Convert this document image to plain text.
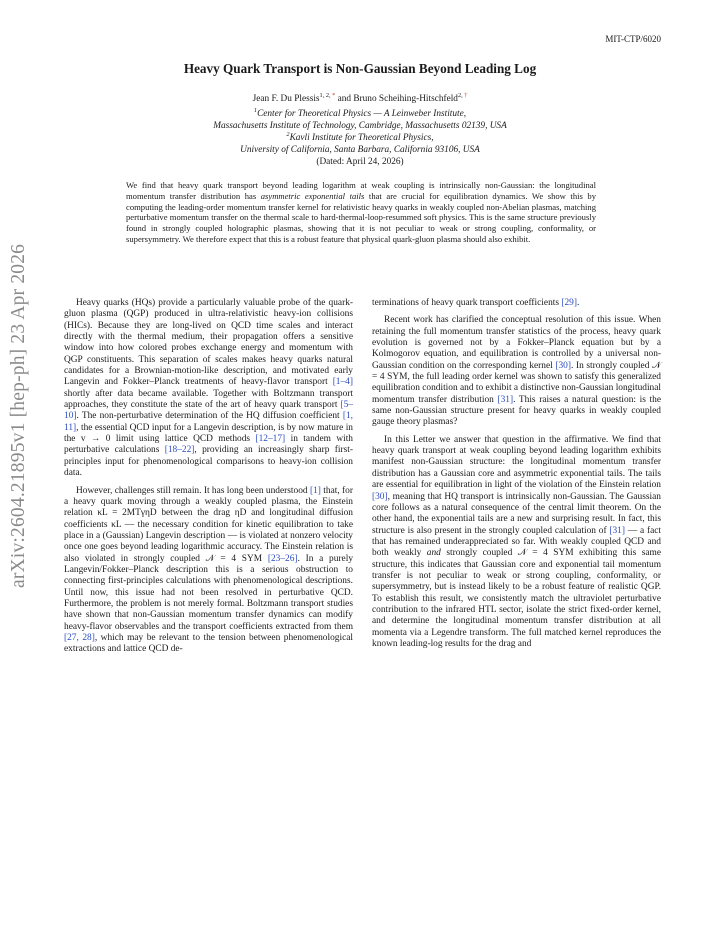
MIT-CTP/6020
arXiv:2604.21895v1 [hep-ph] 23 Apr 2026
Heavy Quark Transport is Non-Gaussian Beyond Leading Log
Jean F. Du Plessis$^{1, 2, *}$ and Bruno Scheihing-Hitschfeld$^{2, \dagger}$
$^1$Center for Theoretical Physics — A Leinweber Institute,
Massachusetts Institute of Technology, Cambridge, Massachusetts 02139, USA
$^2$Kavli Institute for Theoretical Physics,
University of California, Santa Barbara, California 93106, USA
(Dated: April 24, 2026)
We find that heavy quark transport beyond leading logarithm at weak coupling is intrinsically non-Gaussian: the longitudinal momentum transfer distribution has asymmetric exponential tails that are crucial for equilibration dynamics. We show this by computing the leading-order momentum transfer kernel for relativistic heavy quarks in weakly coupled non-Abelian plasmas, matching perturbative momentum transfer on the thermal scale to hard-thermal-loop-resummed soft physics. This is the same structure previously found in strongly coupled holographic plasmas, showing that it is not peculiar to weak or strong coupling, conformality, or supersymmetry. We therefore expect that this is a robust feature that physical quark-gluon plasma should also exhibit.

Heavy quarks (HQs) provide a particularly valuable probe of the quark-gluon plasma (QGP) produced in ultra-relativistic heavy-ion collisions (HICs). Because they are long-lived on QCD time scales and interact directly with the thermal medium, their propagation offers a sensitive window into how colored probes exchange energy and momentum with QGP constituents. This separation of scales makes heavy quarks natural candidates for a Brownian-motion-like description, and motivated early Langevin and Fokker–Planck treatments of heavy-flavor transport [1–4] shortly after data became available. Together with Boltzmann transport approaches, they constitute the state of the art of heavy quark transport [5–10]. The non-perturbative determination of the HQ diffusion coefficient [1, 11], the essential QCD input for a Langevin description, is by now mature in the v → 0 limit using lattice QCD methods [12–17] in tandem with perturbative calculations [18–22], providing an increasingly sharp first-principles input for phenomenological comparisons to heavy-ion collision data.

However, challenges still remain. It has long been understood [1] that, for a heavy quark moving through a weakly coupled plasma, the Einstein relation κL = 2MTγηD between the drag ηD and longitudinal diffusion coefficients κL — the necessary condition for kinetic equilibration to take place in a (Gaussian) Langevin description — is violated at nonzero velocity once one goes beyond leading logarithmic accuracy. The Einstein relation is also violated in strongly coupled 𝒩 = 4 SYM [23–26]. In a purely Langevin/Fokker–Planck description this is a serious obstruction to connecting first-principles calculations with phenomenological descriptions. Until now, this issue had not been resolved in perturbative QCD. Furthermore, the problem is not merely formal. Boltzmann transport studies have shown that non-Gaussian momentum transfer dynamics can modify heavy-flavor observables and the transport coefficients extracted from them [27, 28], which may be relevant to the tension between phenomenological extractions and lattice QCD de-

terminations of heavy quark transport coefficients [29].

Recent work has clarified the conceptual resolution of this issue. When retaining the full momentum transfer statistics of the process, heavy quark evolution is governed not by a Fokker–Planck equation but by a Kolmogorov equation, and equilibration is controlled by a universal non-Gaussian condition on the corresponding kernel [30]. In strongly coupled 𝒩 = 4 SYM, the full leading order kernel was shown to satisfy this generalized equilibration condition and to exhibit a distinctive non-Gaussian longitudinal momentum transfer distribution [31]. This raises a natural question: is the same non-Gaussian structure present for heavy quarks in weakly coupled gauge theory plasmas?

In this Letter we answer that question in the affirmative. We find that heavy quark transport at weak coupling beyond leading logarithm exhibits manifest non-Gaussian structure: the longitudinal momentum transfer distribution has a Gaussian core and asymmetric exponential tails. The tails are essential for equilibration in light of the violation of the Einstein relation [30], meaning that HQ transport is intrinsically non-Gaussian. The Gaussian core follows as a natural consequence of the central limit theorem. On the other hand, the exponential tails are a new and surprising result. In fact, this structure is also present in the strongly coupled calculation of [31] — a fact that has remained underappreciated so far. With weakly coupled QCD and both weakly and strongly coupled 𝒩 = 4 SYM exhibiting this same structure, this indicates that Gaussian core and exponential tail momentum transfer is not peculiar to weak or strong coupling, conformality, or supersymmetry, but is instead likely to be a robust feature of realistic QGP. To establish this result, we consistently match the ultraviolet perturbative contribution to the infrared HTL sector, isolate the strict fixed-order kernel, and determine the longitudinal momentum transfer distribution at all momenta via a Legendre transform. The full matched kernel reproduces the known leading-log results for the drag and
